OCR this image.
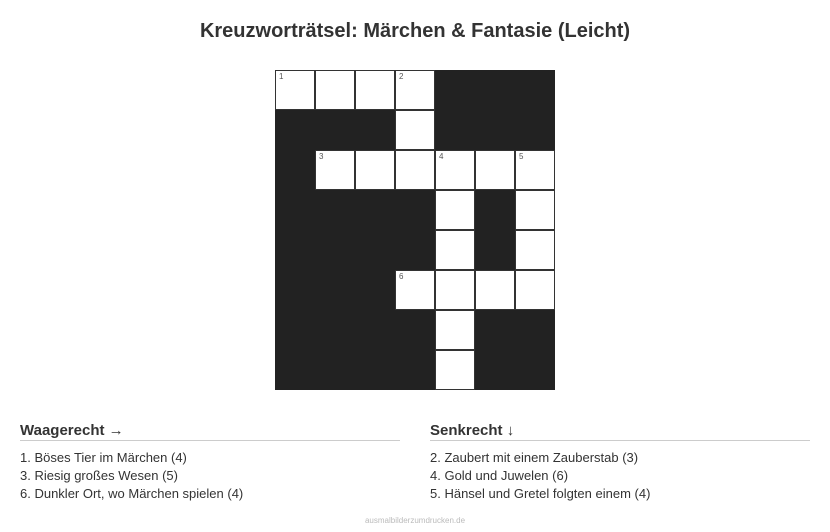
Kreuzworträtsel: Märchen & Fantasie (Leicht)
1	2
3	4	5
6
Waagerecht →
1. Böses Tier im Märchen (4)
3. Riesig großes Wesen (5)
6. Dunkler Ort, wo Märchen spielen (4)
Senkrecht ↓
2. Zaubert mit einem Zauberstab (3)
4. Gold und Juwelen (6)
5. Hänsel und Gretel folgten einem (4)
ausmalbilderzumdrucken.de
